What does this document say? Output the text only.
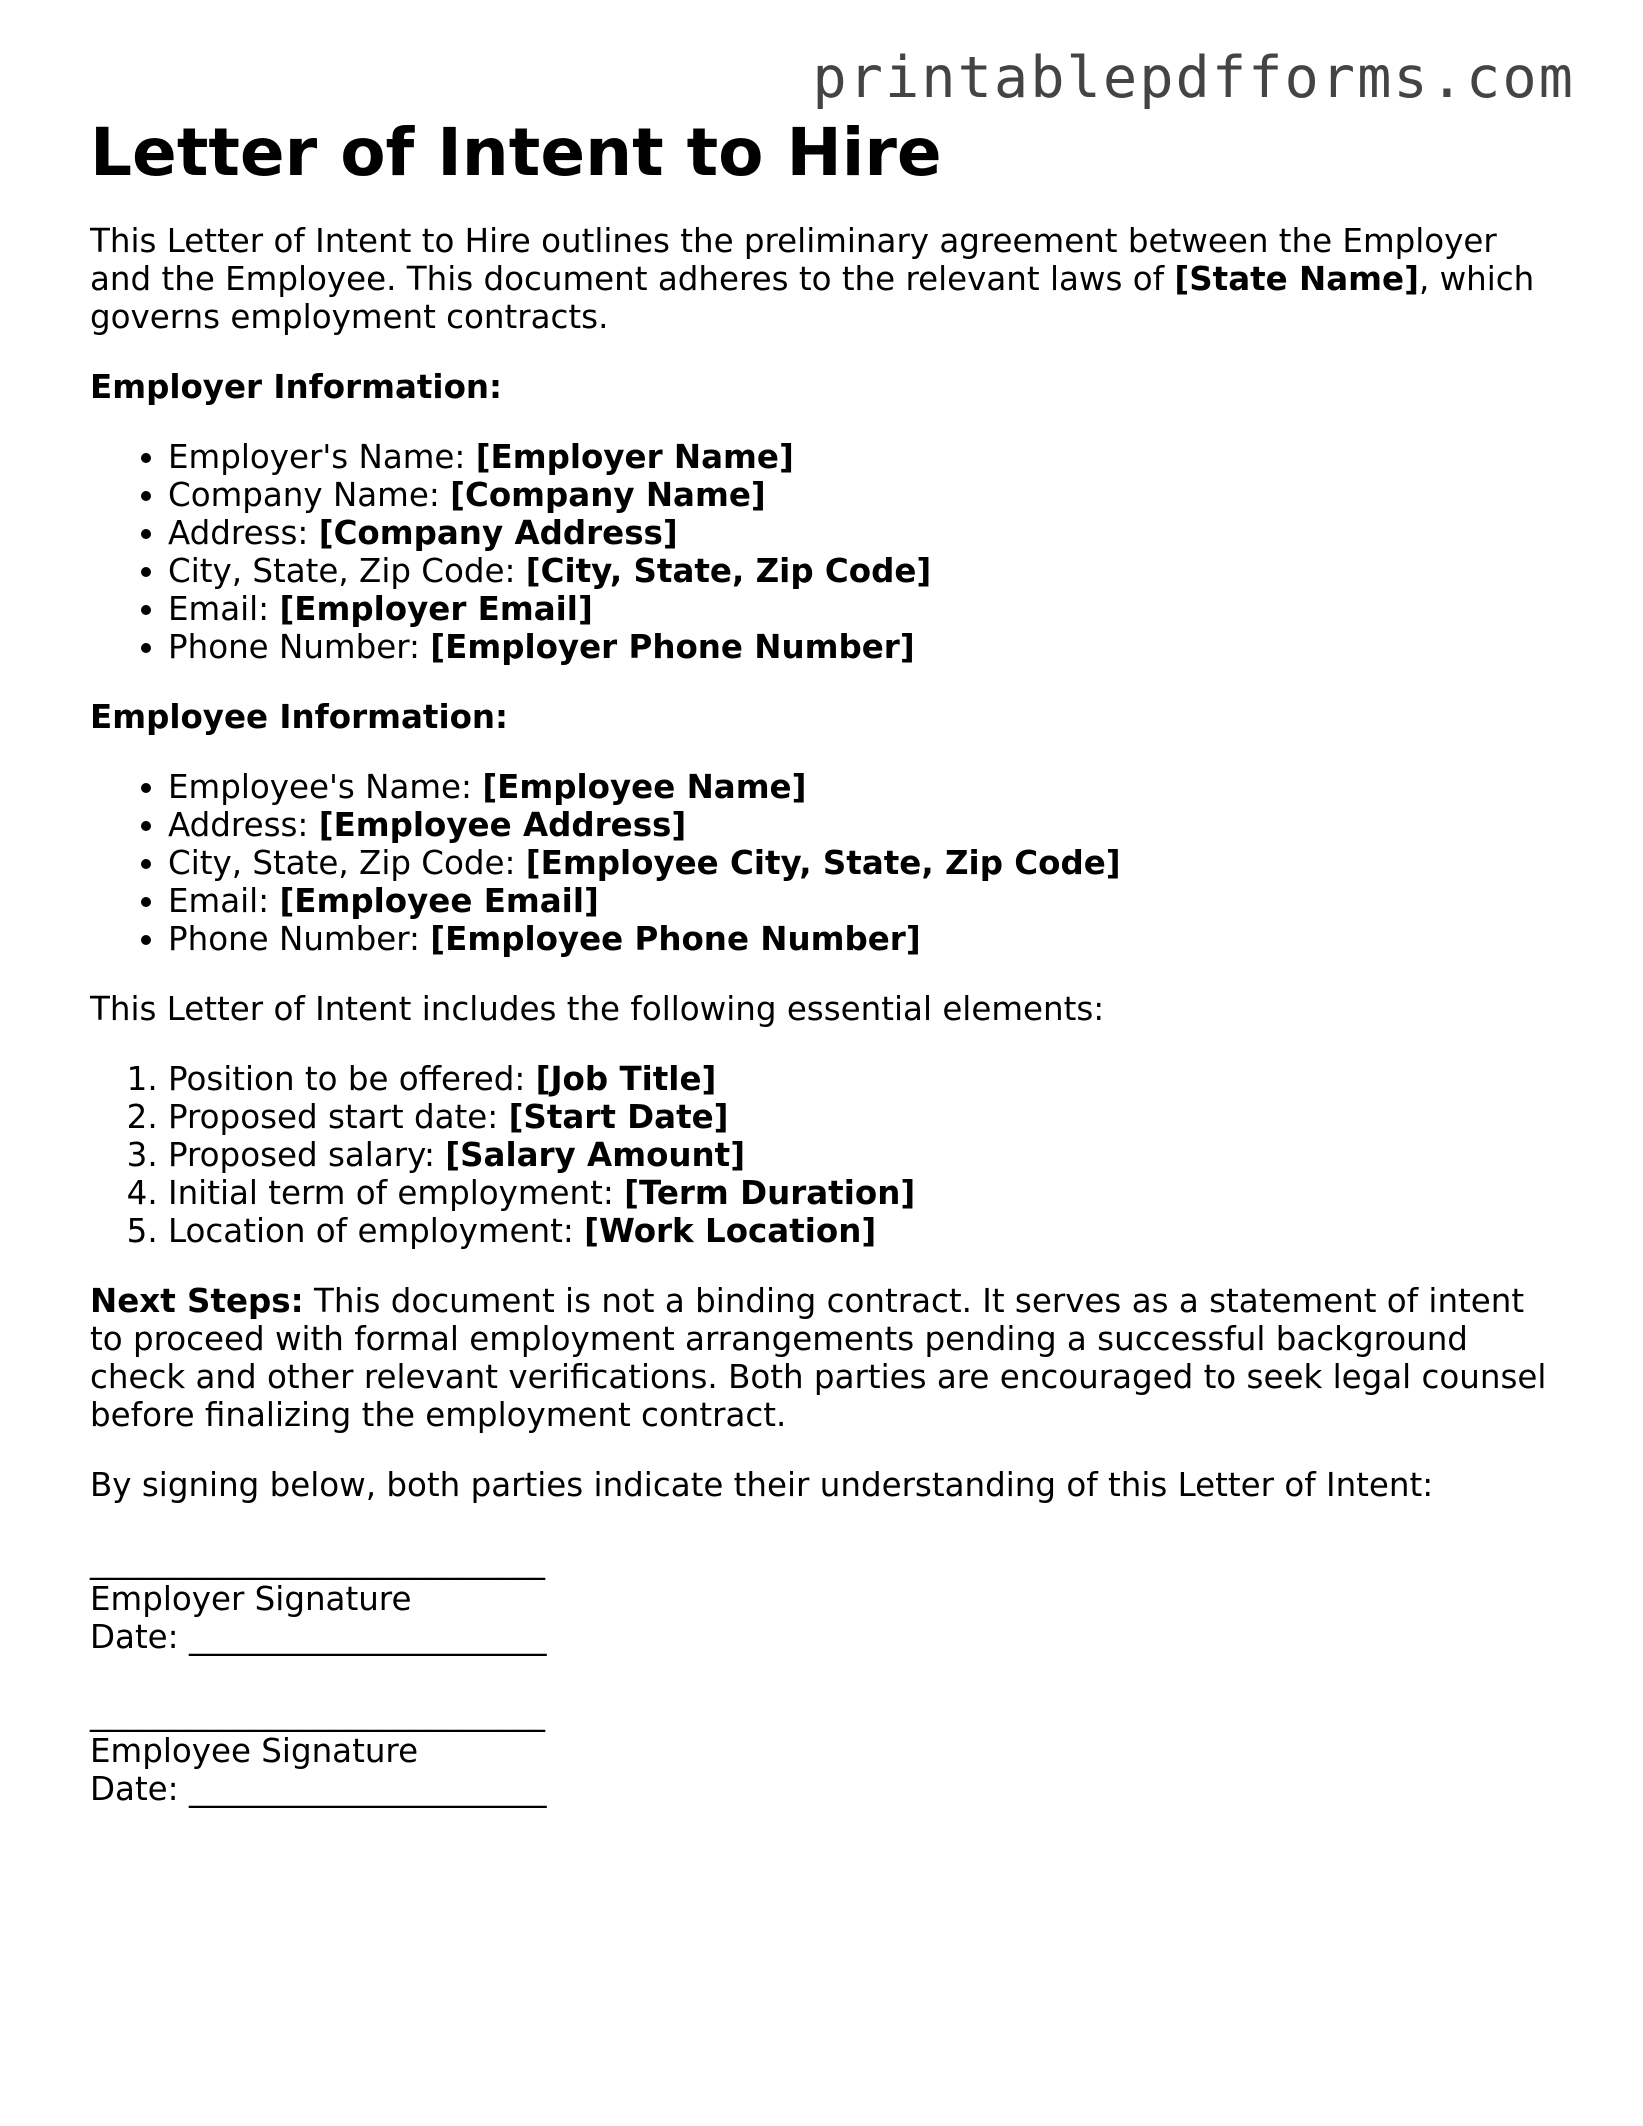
printablepdfforms.com
Letter of Intent to Hire

This Letter of Intent to Hire outlines the preliminary agreement between the Employer and the Employee. This document adheres to the relevant laws of [State Name], which governs employment contracts.

Employer Information:
• Employer's Name: [Employer Name]
• Company Name: [Company Name]
• Address: [Company Address]
• City, State, Zip Code: [City, State, Zip Code]
• Email: [Employer Email]
• Phone Number: [Employer Phone Number]
Employee Information:
• Employee's Name: [Employee Name]
• Address: [Employee Address]
• City, State, Zip Code: [Employee City, State, Zip Code]
• Email: [Employee Email]
• Phone Number: [Employee Phone Number]

This Letter of Intent includes the following essential elements:

1. Position to be offered: [Job Title]
2. Proposed start date: [Start Date]
3. Proposed salary: [Salary Amount]
4. Initial term of employment: [Term Duration]
5. Location of employment: [Work Location]

Next Steps: This document is not a binding contract. It serves as a statement of intent to proceed with formal employment arrangements pending a successful background check and other relevant verifications. Both parties are encouraged to seek legal counsel before finalizing the employment contract.

By signing below, both parties indicate their understanding of this Letter of Intent:

____________________________
Employer Signature
Date: ______________________
____________________________
Employee Signature
Date: ______________________
